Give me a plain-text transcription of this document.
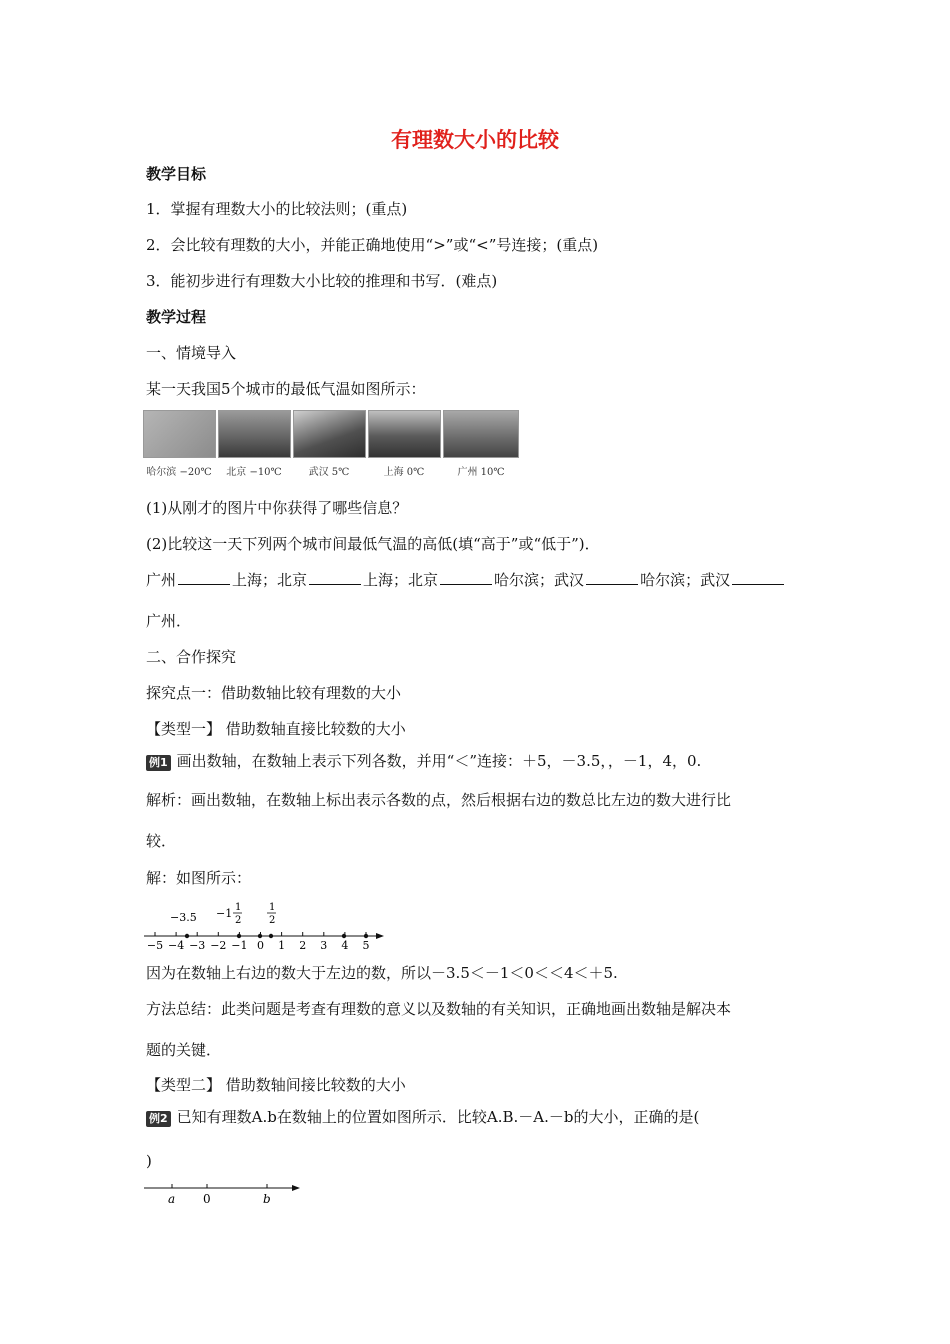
有理数大小的比较
教学目标
1．掌握有理数大小的比较法则；(重点)
2．会比较有理数的大小，并能正确地使用“>”或“<”号连接；(重点)
3．能初步进行有理数大小比较的推理和书写．(难点)
教学过程
一、情境导入
某一天我国5个城市的最低气温如图所示：
哈尔滨 −20℃	北京 −10℃	武汉 5℃	上海 0℃	广州 10℃
(1)从刚才的图片中你获得了哪些信息？
(2)比较这一天下列两个城市间最低气温的高低(填“高于”或“低于”)．
广州	上海；北京	上海；北京	哈尔滨；武汉	哈尔滨；武汉
广州．
二、合作探究
探究点一：借助数轴比较有理数的大小
【类型一】 借助数轴直接比较数的大小
例1 画出数轴，在数轴上表示下列各数，并用“＜”连接：＋5，－3.5，，－1，4，0.
解析：画出数轴，在数轴上标出表示各数的点，然后根据右边的数总比左边的数大进行比
较．
解：如图所示：
−5 −4 −3 −2 −1 0 1 2 3 4 5
−3.5 −1 1
2
1
2
因为在数轴上右边的数大于左边的数，所以－3.5＜－1＜0＜＜4＜＋5.
方法总结：此类问题是考查有理数的意义以及数轴的有关知识，正确地画出数轴是解决本
题的关键．
【类型二】 借助数轴间接比较数的大小
例2 已知有理数A.b在数轴上的位置如图所示．比较A.B.－A.－b的大小，正确的是(
)
a 0	b
